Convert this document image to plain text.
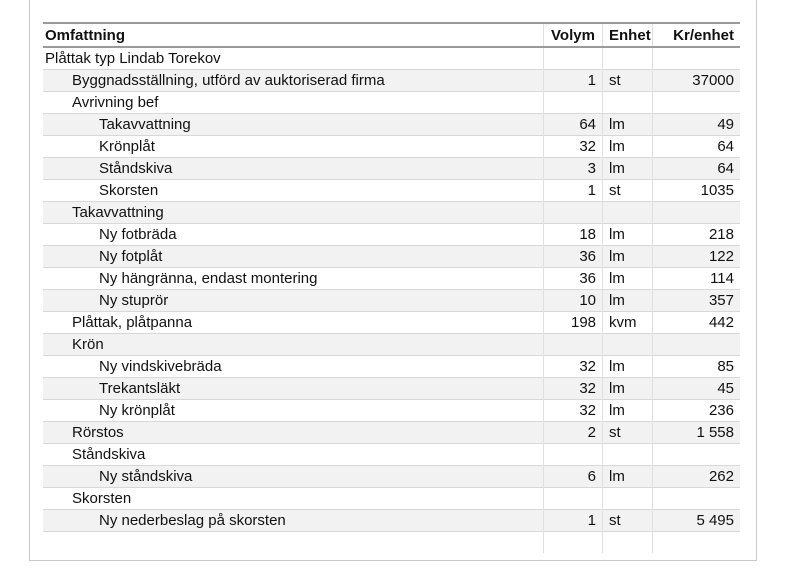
Omfattning	Volym	Enhet	Kr/enhet
Plåttak typ Lindab Torekov			
Byggnadsställning, utförd av auktoriserad firma	1	st	37000
Avrivning bef			
Takavvattning	64	lm	49
Krönplåt	32	lm	64
Ståndskiva	3	lm	64
Skorsten	1	st	1035
Takavvattning			
Ny fotbräda	18	lm	218
Ny fotplåt	36	lm	122
Ny hängränna, endast montering	36	lm	114
Ny stuprör	10	lm	357
Plåttak, plåtpanna	198	kvm	442
Krön			
Ny vindskivebräda	32	lm	85
Trekantsläkt	32	lm	45
Ny krönplåt	32	lm	236
Rörstos	2	st	1 558
Ståndskiva			
Ny ståndskiva	6	lm	262
Skorsten			
Ny nederbeslag på skorsten	1	st	5 495
